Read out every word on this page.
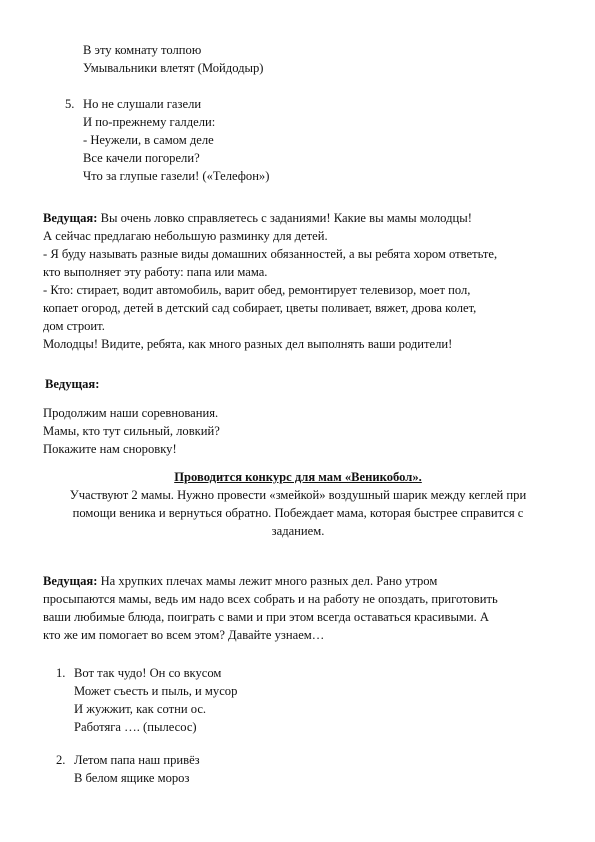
В эту комнату толпою
Умывальники влетят (Мойдодыр)
5. Но не слушали газели
И по-прежнему галдели:
- Неужели, в самом деле
Все качели погорели?
Что за глупые газели! («Телефон»)
Ведущая: Вы очень ловко справляетесь с заданиями! Какие вы мамы молодцы!
А сейчас предлагаю небольшую разминку для детей.
- Я буду называть разные виды домашних обязанностей, а вы ребята хором ответьте,
кто выполняет эту работу: папа или мама.
- Кто: стирает, водит автомобиль, варит обед, ремонтирует телевизор, моет пол,
копает огород, детей в детский сад собирает, цветы поливает, вяжет, дрова колет,
дом строит.
Молодцы! Видите, ребята, как много разных дел выполнять ваши родители!
Ведущая:
Продолжим наши соревнования.
Мамы, кто тут сильный, ловкий?
Покажите нам сноровку!
Проводится конкурс для мам «Веникобол».
Участвуют 2 мамы. Нужно провести «змейкой» воздушный шарик между кеглей при
помощи веника и вернуться обратно. Побеждает мама, которая быстрее справится с
заданием.
Ведущая: На хрупких плечах мамы лежит много разных дел. Рано утром
просыпаются мамы, ведь им надо всех собрать и на работу не опоздать, приготовить
ваши любимые блюда, поиграть с вами и при этом всегда оставаться красивыми. А
кто же им помогает во всем этом? Давайте узнаем…
1. Вот так чудо! Он со вкусом
Может съесть и пыль, и мусор
И жужжит, как сотни ос.
Работяга …. (пылесос)
2. Летом папа наш привёз
В белом ящике мороз
